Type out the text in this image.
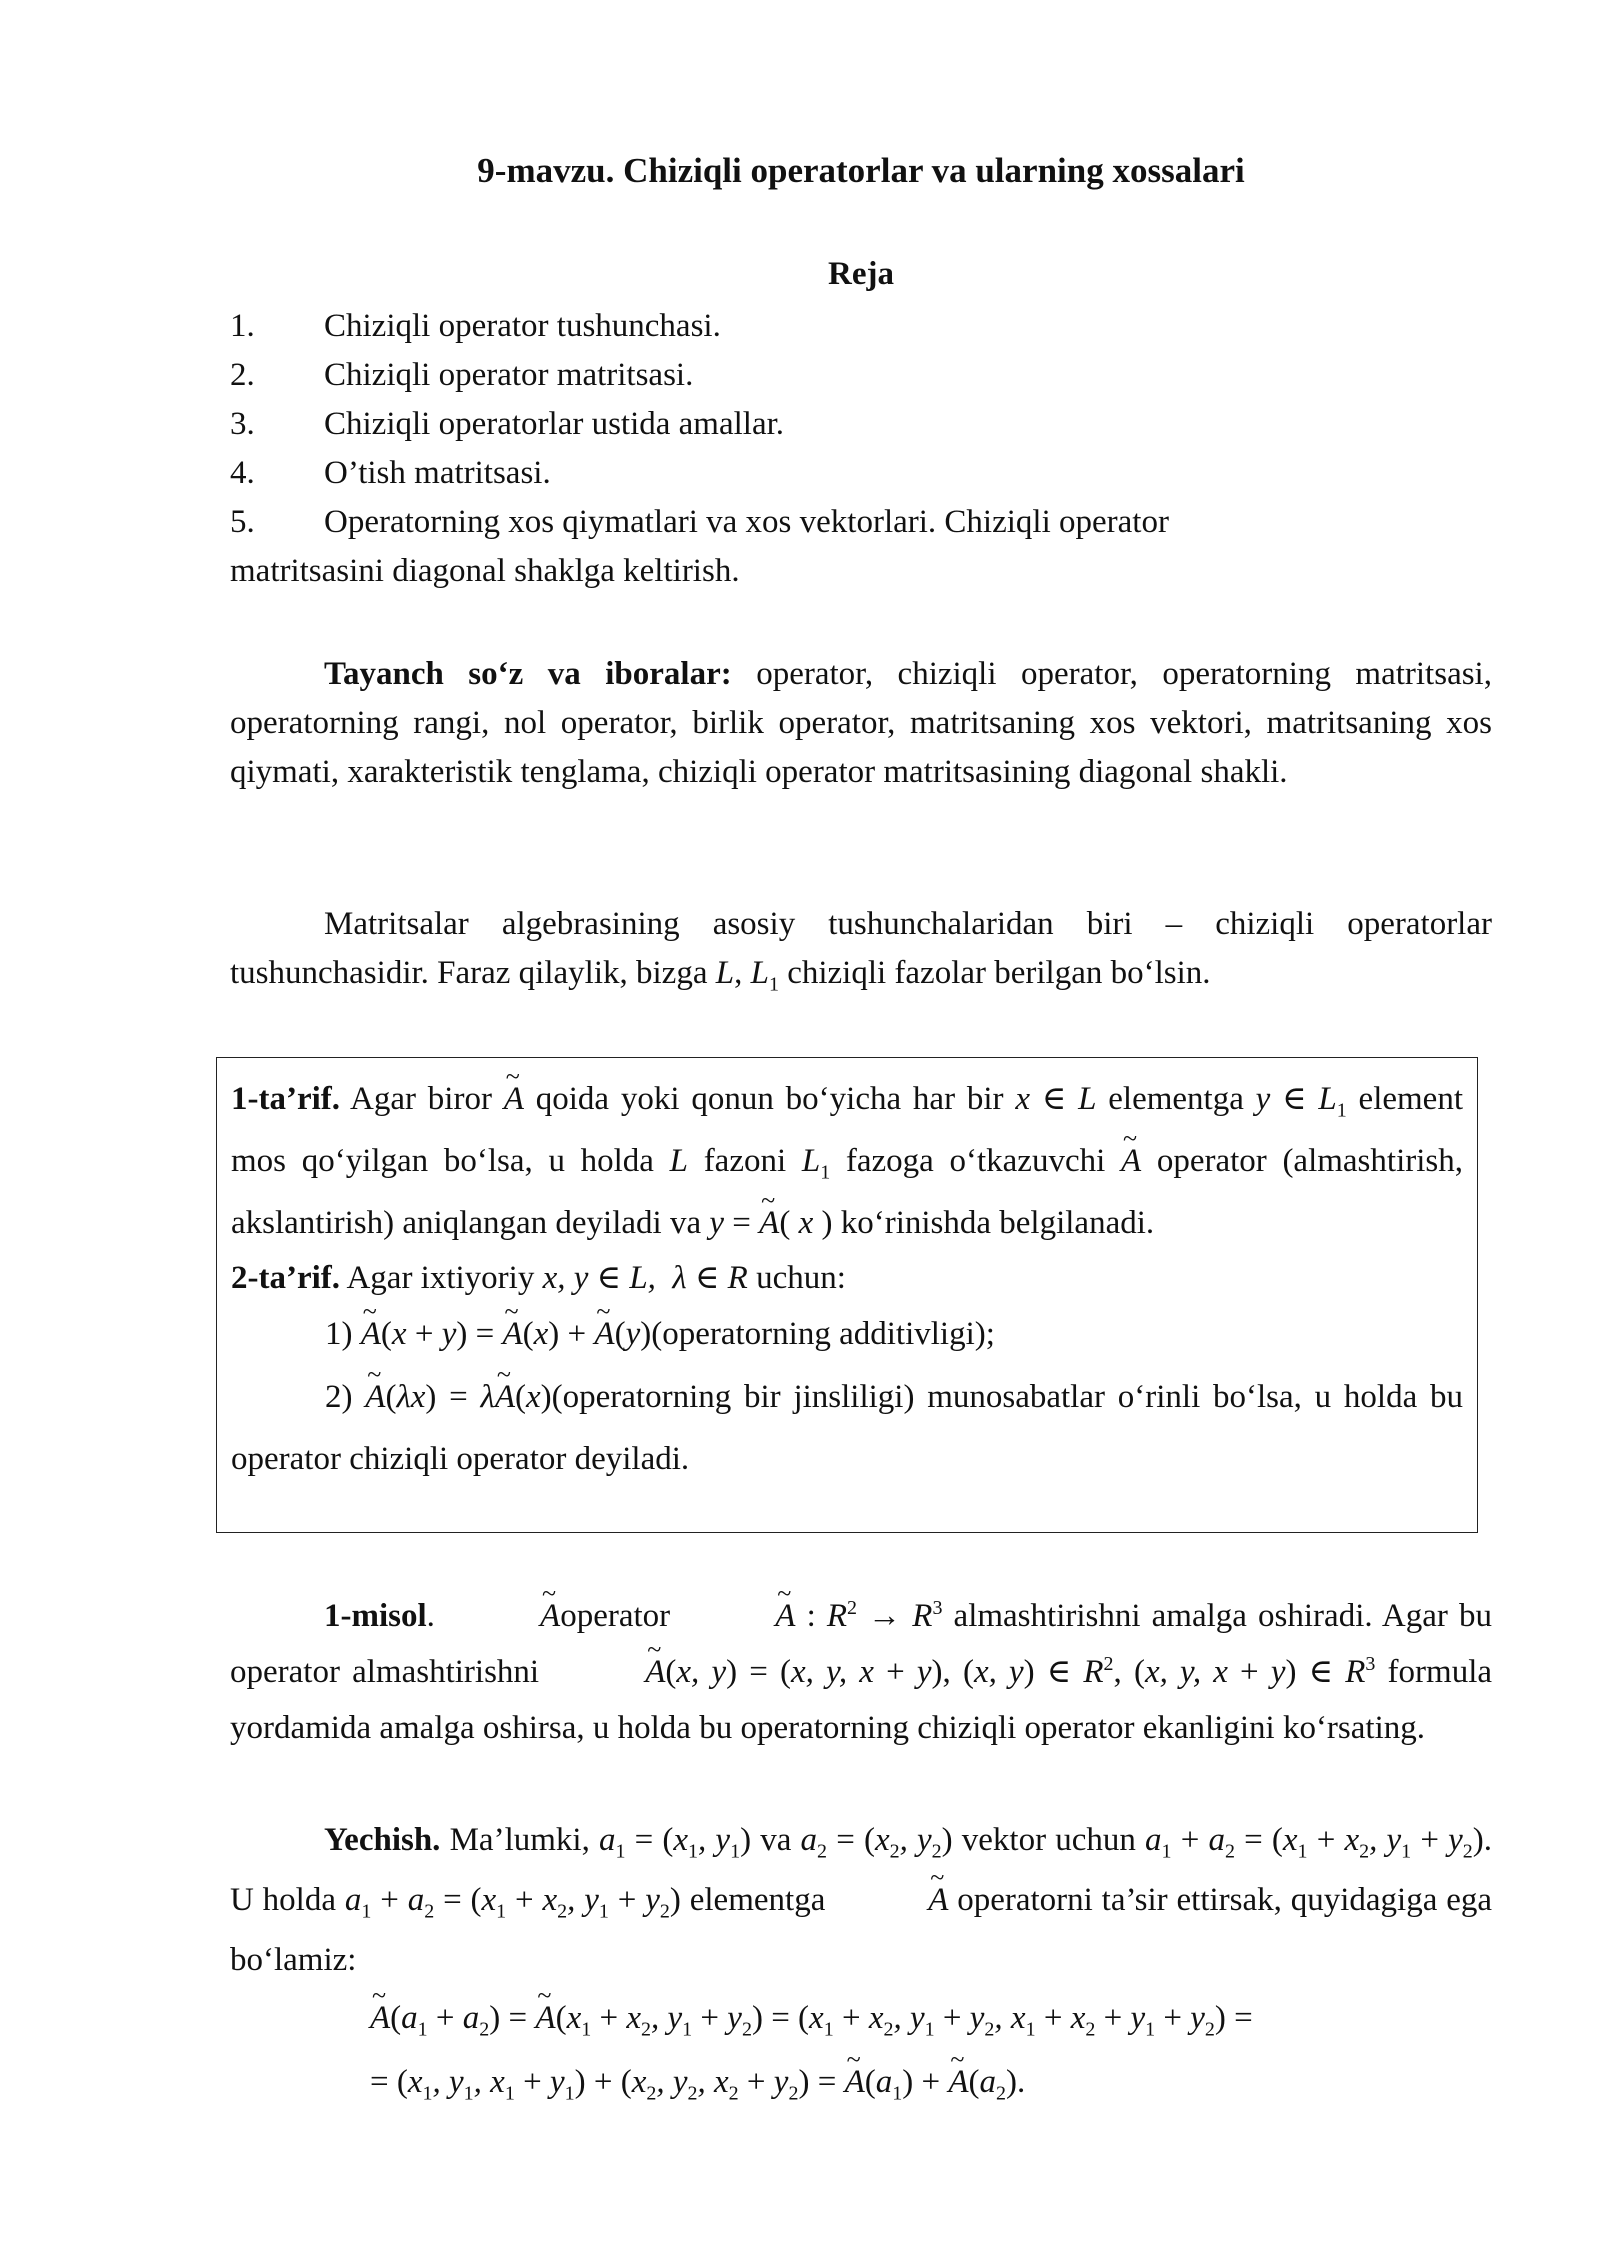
9-mavzu. Chiziqli operatorlar va ularning xossalari
Reja
1. Chiziqli operator tushunchasi.
2. Chiziqli operator matritsasi.
3. Chiziqli operatorlar ustida amallar.
4. O’tish matritsasi.
5. Operatorning xos qiymatlari va xos vektorlari. Chiziqli operator
matritsasini diagonal shaklga keltirish.

Tayanch so‘z va iboralar: operator, chiziqli operator, operatorning matritsasi, operatorning rangi, nol operator, birlik operator, matritsaning xos vektori, matritsaning xos qiymati, xarakteristik tenglama, chiziqli operator matritsasining diagonal shakli.

Matritsalar algebrasining asosiy tushunchalaridan biri – chiziqli operatorlar tushunchasidir. Faraz qilaylik, bizga L, $L_1$ chiziqli fazolar berilgan bo‘lsin.

1-ta’rif. Agar biror ~ A qoida yoki qonun bo‘yicha har bir x ∈ L elementga y ∈ $L_1$ element mos qo‘yilgan bo‘lsa, u holda L fazoni $L_1$ fazoga o‘tkazuvchi ~ A operator (almashtirish, akslantirish) aniqlangan deyiladi va y = ~ A( x ) ko‘rinishda belgilanadi.

2-ta’rif. Agar ixtiyoriy x, y ∈ L,  λ ∈ R uchun:

1) ~ A(x + y) = ~ A(x) + ~ A(y)(operatorning additivligi);

2) ~ A(λx) = λ~ A(x)(operatorning bir jinsliligi) munosabatlar o‘rinli bo‘lsa, u holda bu operator chiziqli operator deyiladi.

1-misol.	~ Aoperator	~ A : $R^2 \to R^3$ almashtirishni amalga oshiradi. Agar bu operator almashtirishni	~ A(x, y) = (x, y, x + y), (x, y) ∈ $R^2$, (x, y, x + y) ∈ $R^3$ formula yordamida amalga oshirsa, u holda bu operatorning chiziqli operator ekanligini ko‘rsating.

Yechish. Ma’lumki, $a_1 = (x_1$, $y_1$) va $a_2 = (x_2$, $y_2$) vektor uchun $a_1 + a_2 = (x_1 + x_2$, $y_1 + y_2$). U holda $a_1 + a_2 = (x_1 + x_2$, $y_1 + y_2$) elementga	~ A operatorni ta’sir ettirsak, quyidagiga ega bo‘lamiz:

~ $A(a_1 + a_2)$ = ~ $A(x_1 + x_2$, $y_1 + y_2) = (x_1 + x_2$, $y_1 + y_2$, $x_1 + x_2 + y_1 + y_2$) =
= ($x_1$, $y_1$, $x_1 + y_1) + (x_2$, $y_2$, $x_2 + y_2$) = ~ $A(a_1)$ + ~ $A(a_2)$.
